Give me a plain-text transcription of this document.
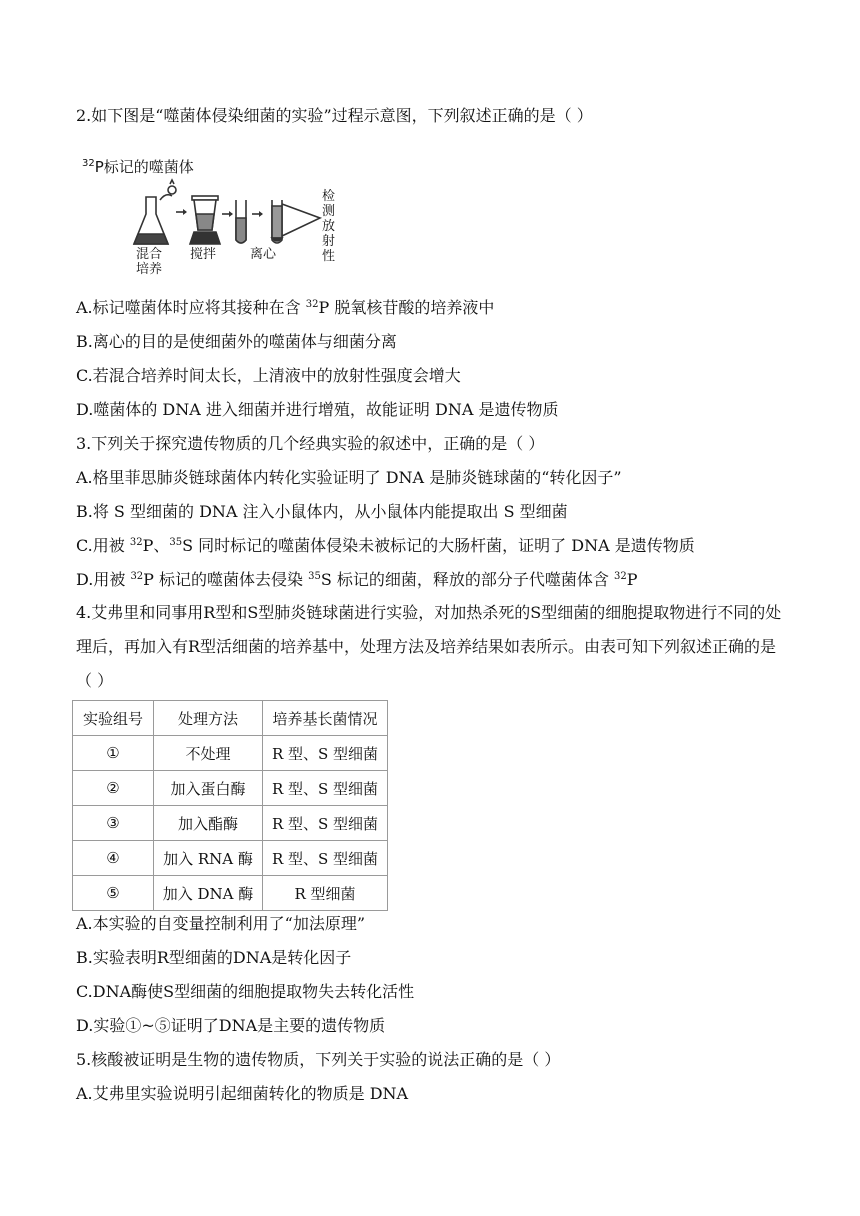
2.如下图是“噬菌体侵染细菌的实验”过程示意图，下列叙述正确的是（ ）
$^{32}$P标记的噬菌体
混合
培养
搅拌	离心
检
测
放
射
性
A.标记噬菌体时应将其接种在含 $^{32}$P 脱氧核苷酸的培养液中
B.离心的目的是使细菌外的噬菌体与细菌分离
C.若混合培养时间太长，上清液中的放射性强度会增大
D.噬菌体的 DNA 进入细菌并进行增殖，故能证明 DNA 是遗传物质
3.下列关于探究遗传物质的几个经典实验的叙述中，正确的是（ ）
A.格里菲思肺炎链球菌体内转化实验证明了 DNA 是肺炎链球菌的“转化因子”
B.将 S 型细菌的 DNA 注入小鼠体内，从小鼠体内能提取出 S 型细菌
C.用被 $^{32}$P、$^{35}$S 同时标记的噬菌体侵染未被标记的大肠杆菌，证明了 DNA 是遗传物质
D.用被 $^{32}$P 标记的噬菌体去侵染 $^{35}$S 标记的细菌，释放的部分子代噬菌体含 $^{32}$P
4.艾弗里和同事用R型和S型肺炎链球菌进行实验，对加热杀死的S型细菌的细胞提取物进行不同的处理后，再加入有R型活细菌的培养基中，处理方法及培养结果如表所示。由表可知下列叙述正确的是（ ）
实验组号	处理方法	培养基长菌情况
①	不处理	R 型、S 型细菌
②	加入蛋白酶	R 型、S 型细菌
③	加入酯酶	R 型、S 型细菌
④	加入 RNA 酶	R 型、S 型细菌
⑤	加入 DNA 酶	R 型细菌
A.本实验的自变量控制利用了“加法原理”
B.实验表明R型细菌的DNA是转化因子
C.DNA酶使S型细菌的细胞提取物失去转化活性
D.实验①~⑤证明了DNA是主要的遗传物质
5.核酸被证明是生物的遗传物质，下列关于实验的说法正确的是（ ）
A.艾弗里实验说明引起细菌转化的物质是 DNA
